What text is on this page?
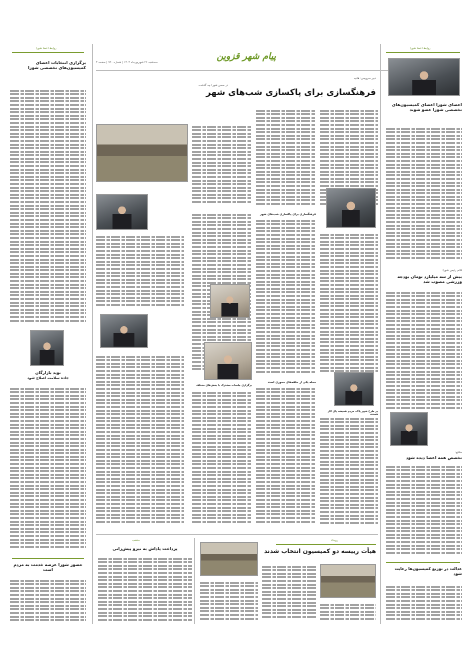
پیام شهر قزوین
سه‌شنبه ۲۶ شهریورماه ۱۴۰۴ | شماره ۹۲۰ | صفحه ۴
روابط اعضا شورا
برگزاری انتخابات اعضای کمیسیون‌های تخصصی شورا
نوید بازارگان
جاده سلامت اصلاح شود
حضور شورا عرصه خدمت به مردم است
روابط اعضا شورا
اعضای شورا اعضای کمیسیون‌های تخصصی شورا عضو شوند
قائم رئیس شورا:
بیش از سه میلیارد تومان بودجه ورزشی مصوب شد
منافع:
تخصص همه اعضا دیده شود
عدالت در توزیع کمیسیون‌ها رعایت شود
دبیر سرویس: هانیه
در صحن شورا چه گذشت
فرهنگسازی برای پاکسازی شب‌های شهر
فرهنگسازی برای پاکسازی شب‌های شهر
محله یکی از حلقه‌های محوری است
در طرح شهر پاک، مردم همیشه پای کار هستند
برگزاری جلسات مشترک با بخش‌های مختلف
رویداد
هیأت رییسه دو کمیسیون انتخاب شدند
منتخب
پرداخت پاداش به نیرو پیش‌رانی
